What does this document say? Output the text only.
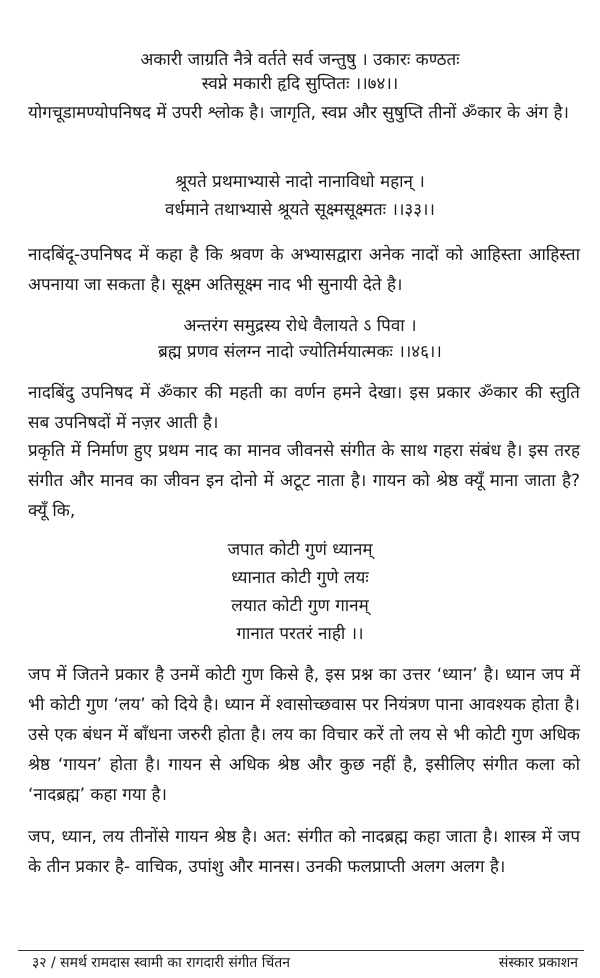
अकारी जाग्रति नैत्रे वर्तते सर्व जन्तुषु । उकारः कण्ठतः
स्वप्ने मकारी हृदि सुप्तितः ।।७४।।
योगचूडामण्योपनिषद में उपरी श्लोक है। जागृति, स्वप्न और सुषुप्ति तीनों ॐकार के अंग है।
श्रूयते प्रथमाभ्यासे नादो नानाविधो महान् ।
वर्धमाने तथाभ्यासे श्रूयते सूक्ष्मसूक्ष्मतः ।।३३।।
नादबिंदू-उपनिषद में कहा है कि श्रवण के अभ्यासद्वारा अनेक नादों को आहिस्ता आहिस्ता अपनाया जा सकता है। सूक्ष्म अतिसूक्ष्म नाद भी सुनायी देते है।
अन्तरंग समुद्रस्य रोधे वैलायते ऽ पिवा ।
ब्रह्म प्रणव संलग्न नादो ज्योतिर्मयात्मकः ।।४६।।
नादबिंदु उपनिषद में ॐकार की महती का वर्णन हमने देखा। इस प्रकार ॐकार की स्तुति सब उपनिषदों में नज़र आती है।
प्रकृति में निर्माण हुए प्रथम नाद का मानव जीवनसे संगीत के साथ गहरा संबंध है। इस तरह संगीत और मानव का जीवन इन दोनो में अटूट नाता है। गायन को श्रेष्ठ क्यूँ माना जाता है? क्यूँ कि,
जपात कोटी गुणं ध्यानम्
ध्यानात कोटी गुणे लयः
लयात कोटी गुण गानम्
गानात परतरं नाही ।।
जप में जितने प्रकार है उनमें कोटी गुण किसे है, इस प्रश्न का उत्तर ‘ध्यान’ है। ध्यान जप में भी कोटी गुण ‘लय’ को दिये है। ध्यान में श्वासोच्छवास पर नियंत्रण पाना आवश्यक होता है। उसे एक बंधन में बाँधना जरुरी होता है। लय का विचार करें तो लय से भी कोटी गुण अधिक श्रेष्ठ ‘गायन’ होता है। गायन से अधिक श्रेष्ठ और कुछ नहीं है, इसीलिए संगीत कला को ‘नादब्रह्म’ कहा गया है।
जप, ध्यान, लय तीनोंसे गायन श्रेष्ठ है। अत: संगीत को नादब्रह्म कहा जाता है। शास्त्र में जप के तीन प्रकार है- वाचिक, उपांशु और मानस। उनकी फलप्राप्ती अलग अलग है।
३२ / समर्थ रामदास स्वामी का रागदारी संगीत चिंतन	संस्कार प्रकाशन
